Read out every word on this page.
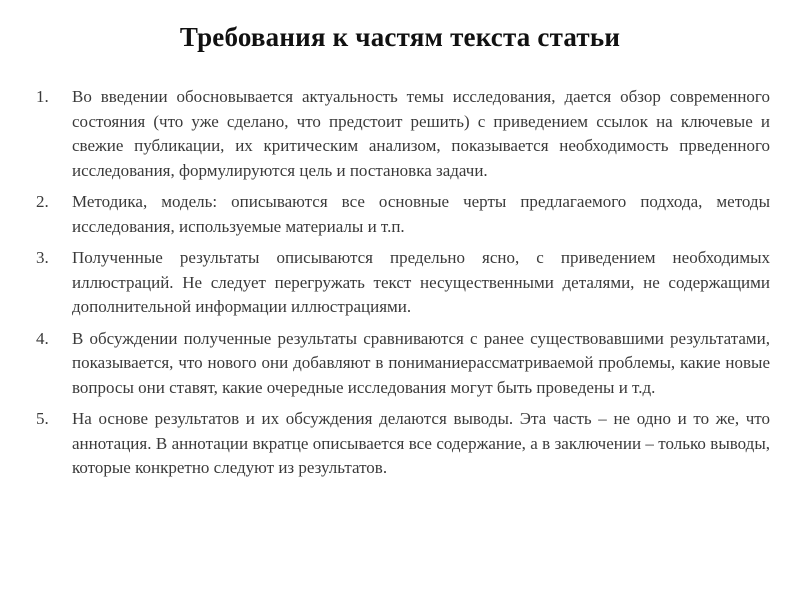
Требования к частям текста статьи
1.	Во введении обосновывается актуальность темы исследования, дается обзор современного состояния (что уже сделано, что предстоит решить) с приведением ссылок на ключевые и свежие публикации, их критическим анализом, показывается необходимость прведенного исследования, формулируются цель и постановка задачи.
2.	Методика, модель: описываются все основные черты предлагаемого подхода, методы исследования, используемые материалы и т.п.
3.	Полученные результаты описываются предельно ясно, с приведением необходимых иллюстраций. Не следует перегружать текст несущественными деталями, не содержащими дополнительной информации иллюстрациями.
4.	В обсуждении полученные результаты сравниваются с ранее существовавшими результатами, показывается, что нового они добавляют в пониманиерассматриваемой проблемы, какие новые вопросы они ставят, какие очередные исследования могут быть проведены и т.д.
5.	На основе результатов и их обсуждения делаются выводы. Эта часть – не одно и то же, что аннотация. В аннотации вкратце описывается все содержание, а в заключении – только выводы, которые конкретно следуют из результатов.
